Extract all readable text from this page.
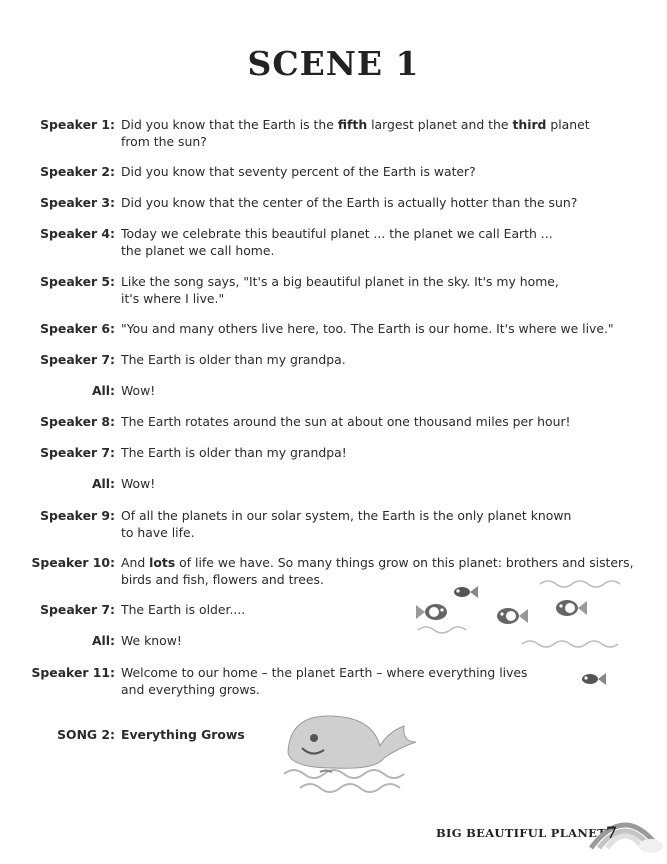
SCENE 1
Speaker 1: Did you know that the Earth is the fifth largest planet and the third planet
from the sun?
Speaker 2: Did you know that seventy percent of the Earth is water?
Speaker 3: Did you know that the center of the Earth is actually hotter than the sun?
Speaker 4: Today we celebrate this beautiful planet ... the planet we call Earth ...
the planet we call home.
Speaker 5: Like the song says, "It's a big beautiful planet in the sky. It's my home,
it's where I live."
Speaker 6: "You and many others live here, too. The Earth is our home. It's where we live."
Speaker 7: The Earth is older than my grandpa.
All: Wow!
Speaker 8: The Earth rotates around the sun at about one thousand miles per hour!
Speaker 7: The Earth is older than my grandpa!
All: Wow!
Speaker 9: Of all the planets in our solar system, the Earth is the only planet known
to have life.
Speaker 10: And lots of life we have. So many things grow on this planet: brothers and sisters,
birds and fish, flowers and trees.
Speaker 7: The Earth is older....
All: We know!
Speaker 11: Welcome to our home – the planet Earth – where everything lives
and everything grows.
SONG 2: Everything Grows
BIG BEAUTIFUL PLANET 7
